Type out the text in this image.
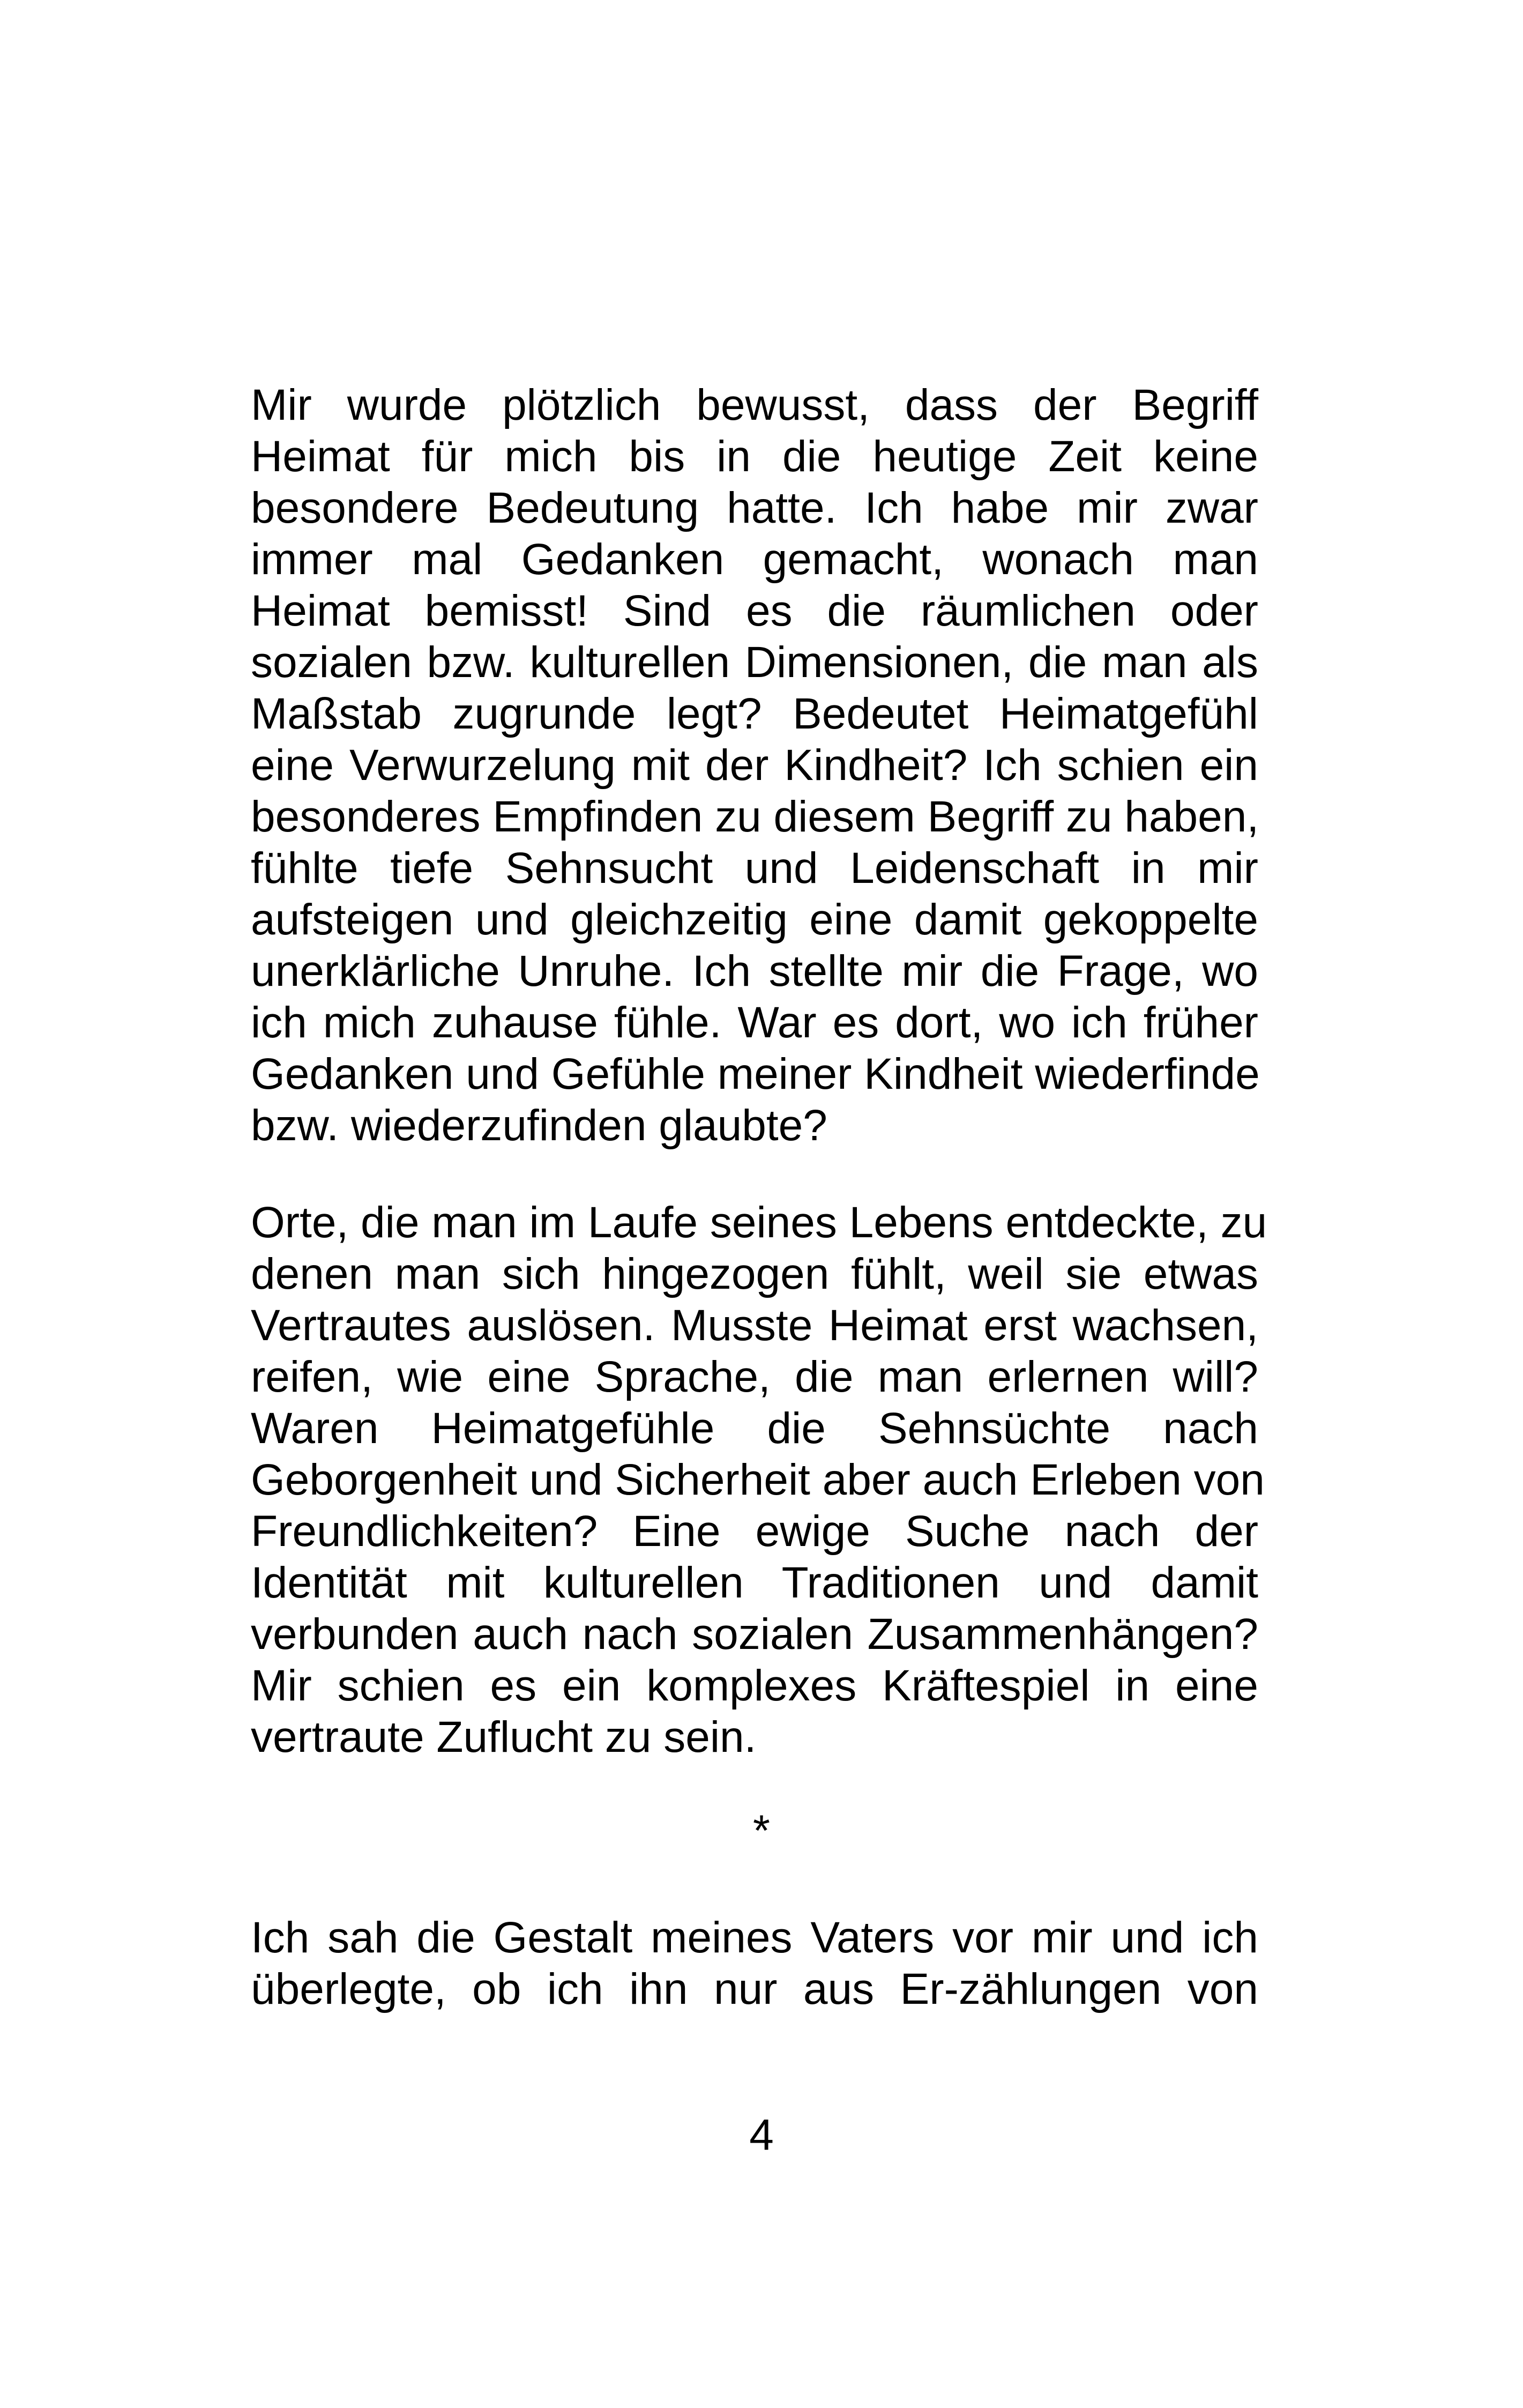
Mir wurde plötzlich bewusst, dass der Begriff
Heimat für mich bis in die heutige Zeit keine
besondere Bedeutung hatte. Ich habe mir zwar
immer mal Gedanken gemacht, wonach man
Heimat bemisst! Sind es die räumlichen oder
sozialen bzw. kulturellen Dimensionen, die man als
Maßstab zugrunde legt? Bedeutet Heimatgefühl
eine Verwurzelung mit der Kindheit? Ich schien ein
besonderes Empfinden zu diesem Begriff zu haben,
fühlte tiefe Sehnsucht und Leidenschaft in mir
aufsteigen und gleichzeitig eine damit gekoppelte
unerklärliche Unruhe. Ich stellte mir die Frage, wo
ich mich zuhause fühle. War es dort, wo ich früher
Gedanken und Gefühle meiner Kindheit wiederfinde
bzw. wiederzufinden glaubte?
Orte, die man im Laufe seines Lebens entdeckte, zu
denen man sich hingezogen fühlt, weil sie etwas
Vertrautes auslösen. Musste Heimat erst wachsen,
reifen, wie eine Sprache, die man erlernen will?
Waren Heimatgefühle die Sehnsüchte nach
Geborgenheit und Sicherheit aber auch Erleben von
Freundlichkeiten? Eine ewige Suche nach der
Identität mit kulturellen Traditionen und damit
verbunden auch nach sozialen Zusammenhängen?
Mir schien es ein komplexes Kräftespiel in eine
vertraute Zuflucht zu sein.
*
Ich sah die Gestalt meines Vaters vor mir und ich
überlegte, ob ich ihn nur aus Er-zählungen von
4
